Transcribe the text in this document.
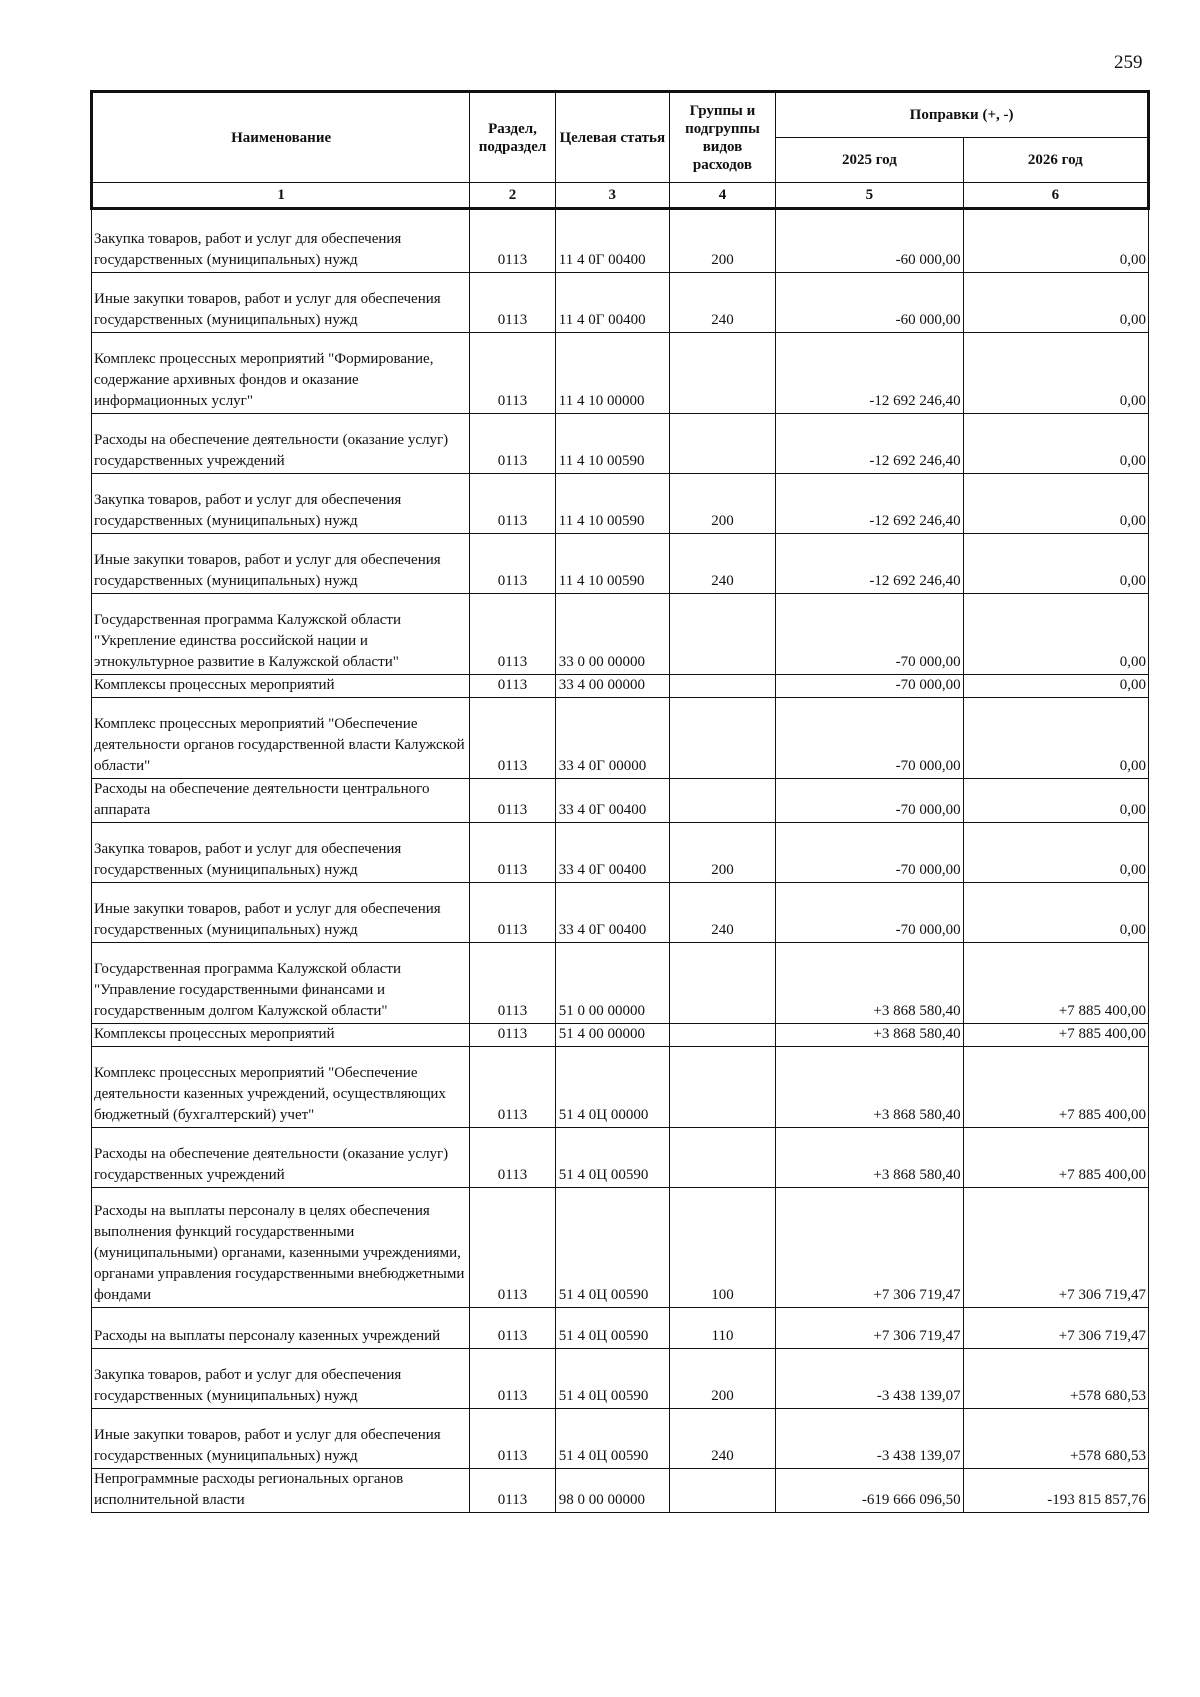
259
Наименование	Раздел, подраздел	Целевая статья	Группы и подгруппы видов расходов	Поправки (+, -)	
				2025 год	2026 год
1	2	3	4	5	6
Закупка товаров, работ и услуг для обеспечения государственных (муниципальных) нужд	0113	11 4 0Г 00400	200	-60 000,00	0,00
Иные закупки товаров, работ и услуг для обеспечения государственных (муниципальных) нужд	0113	11 4 0Г 00400	240	-60 000,00	0,00
Комплекс процессных мероприятий "Формирование, содержание архивных фондов и оказание информационных услуг"	0113	11 4 10 00000		-12 692 246,40	0,00
Расходы на обеспечение деятельности (оказание услуг) государственных учреждений	0113	11 4 10 00590		-12 692 246,40	0,00
Закупка товаров, работ и услуг для обеспечения государственных (муниципальных) нужд	0113	11 4 10 00590	200	-12 692 246,40	0,00
Иные закупки товаров, работ и услуг для обеспечения государственных (муниципальных) нужд	0113	11 4 10 00590	240	-12 692 246,40	0,00
Государственная программа Калужской области "Укрепление единства российской нации и этнокультурное развитие в Калужской области"	0113	33 0 00 00000		-70 000,00	0,00
Комплексы процессных мероприятий	0113	33 4 00 00000		-70 000,00	0,00
Комплекс процессных мероприятий "Обеспечение деятельности органов государственной власти Калужской области"	0113	33 4 0Г 00000		-70 000,00	0,00
Расходы на обеспечение деятельности центрального аппарата	0113	33 4 0Г 00400		-70 000,00	0,00
Закупка товаров, работ и услуг для обеспечения государственных (муниципальных) нужд	0113	33 4 0Г 00400	200	-70 000,00	0,00
Иные закупки товаров, работ и услуг для обеспечения государственных (муниципальных) нужд	0113	33 4 0Г 00400	240	-70 000,00	0,00
Государственная программа Калужской области "Управление государственными финансами и государственным долгом Калужской области"	0113	51 0 00 00000		+3 868 580,40	+7 885 400,00
Комплексы процессных мероприятий	0113	51 4 00 00000		+3 868 580,40	+7 885 400,00
Комплекс процессных мероприятий "Обеспечение деятельности казенных учреждений, осуществляющих бюджетный (бухгалтерский) учет"	0113	51 4 0Ц 00000		+3 868 580,40	+7 885 400,00
Расходы на обеспечение деятельности (оказание услуг) государственных учреждений	0113	51 4 0Ц 00590		+3 868 580,40	+7 885 400,00
Расходы на выплаты персоналу в целях обеспечения выполнения функций государственными (муниципальными) органами, казенными учреждениями, органами управления государственными внебюджетными фондами	0113	51 4 0Ц 00590	100	+7 306 719,47	+7 306 719,47
Расходы на выплаты персоналу казенных учреждений	0113	51 4 0Ц 00590	110	+7 306 719,47	+7 306 719,47
Закупка товаров, работ и услуг для обеспечения государственных (муниципальных) нужд	0113	51 4 0Ц 00590	200	-3 438 139,07	+578 680,53
Иные закупки товаров, работ и услуг для обеспечения государственных (муниципальных) нужд	0113	51 4 0Ц 00590	240	-3 438 139,07	+578 680,53
Непрограммные расходы региональных органов исполнительной власти	0113	98 0 00 00000		-619 666 096,50	-193 815 857,76
